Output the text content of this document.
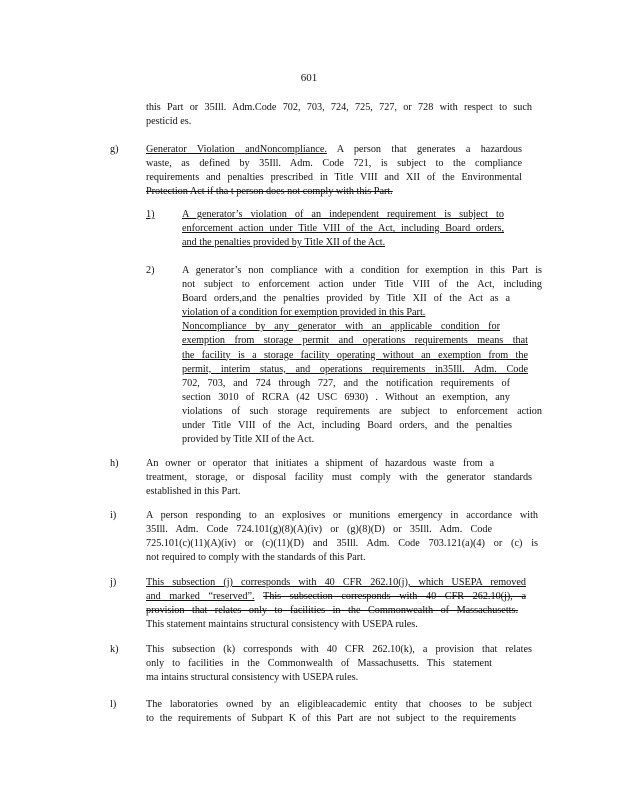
601
this Part or 35Ill. Adm.Code 702, 703, 724, 725, 727, or 728 with respect to such
pesticid es.
g)	Generator Violation andNoncompliance. A person that generates a hazardous
waste, as defined by 35Ill. Adm. Code 721, is subject to the compliance
requirements and penalties prescribed in Title VIII and XII of the Environmental
Protection Act if tha t person does not comply with this Part.
1)	A generator’s violation of an independent requirement is subject to
enforcement action under Title VIII of the Act, including Board orders,
and the penalties provided by Title XII of the Act.
2)	A generator’s non compliance with a condition for exemption in this Part is
not subject to enforcement action under Title VIII of the Act, including
Board orders,and the penalties provided by Title XII of the Act as a
violation of a condition for exemption provided in this Part.
Noncompliance by any generator with an applicable condition for
exemption from storage permit and operations requirements means that
the facility is a storage facility operating without an exemption from the
permit, interim status, and operations requirements in35Ill. Adm. Code
702, 703, and 724 through 727, and the notification requirements of
section 3010 of RCRA (42 USC 6930) . Without an exemption, any
violations of such storage requirements are subject to enforcement action
under Title VIII of the Act, including Board orders, and the penalties
provided by Title XII of the Act.
h)	An owner or operator that initiates a shipment of hazardous waste from a
treatment, storage, or disposal facility must comply with the generator standards
established in this Part.
i)	A person responding to an explosives or munitions emergency in accordance with
35Ill. Adm. Code 724.101(g)(8)(A)(iv) or (g)(8)(D) or 35Ill. Adm. Code
725.101(c)(11)(A)(iv) or (c)(11)(D) and 35Ill. Adm. Code 703.121(a)(4) or (c) is
not required to comply with the standards of this Part.
j)	This subsection (j) corresponds with 40 CFR 262.10(j), which USEPA removed
and marked “reserved”. This subsection corresponds with 40 CFR 262.10(j), a
provision that relates only to facilities in the Commonwealth of Massachusetts.
This statement maintains structural consistency with USEPA rules.
k)	This subsection (k) corresponds with 40 CFR 262.10(k), a provision that relates
only to facilities in the Commonwealth of Massachusetts. This statement
ma intains structural consistency with USEPA rules.
l)	The laboratories owned by an eligibleacademic entity that chooses to be subject
to the requirements of Subpart K of this Part are not subject to the requirements
